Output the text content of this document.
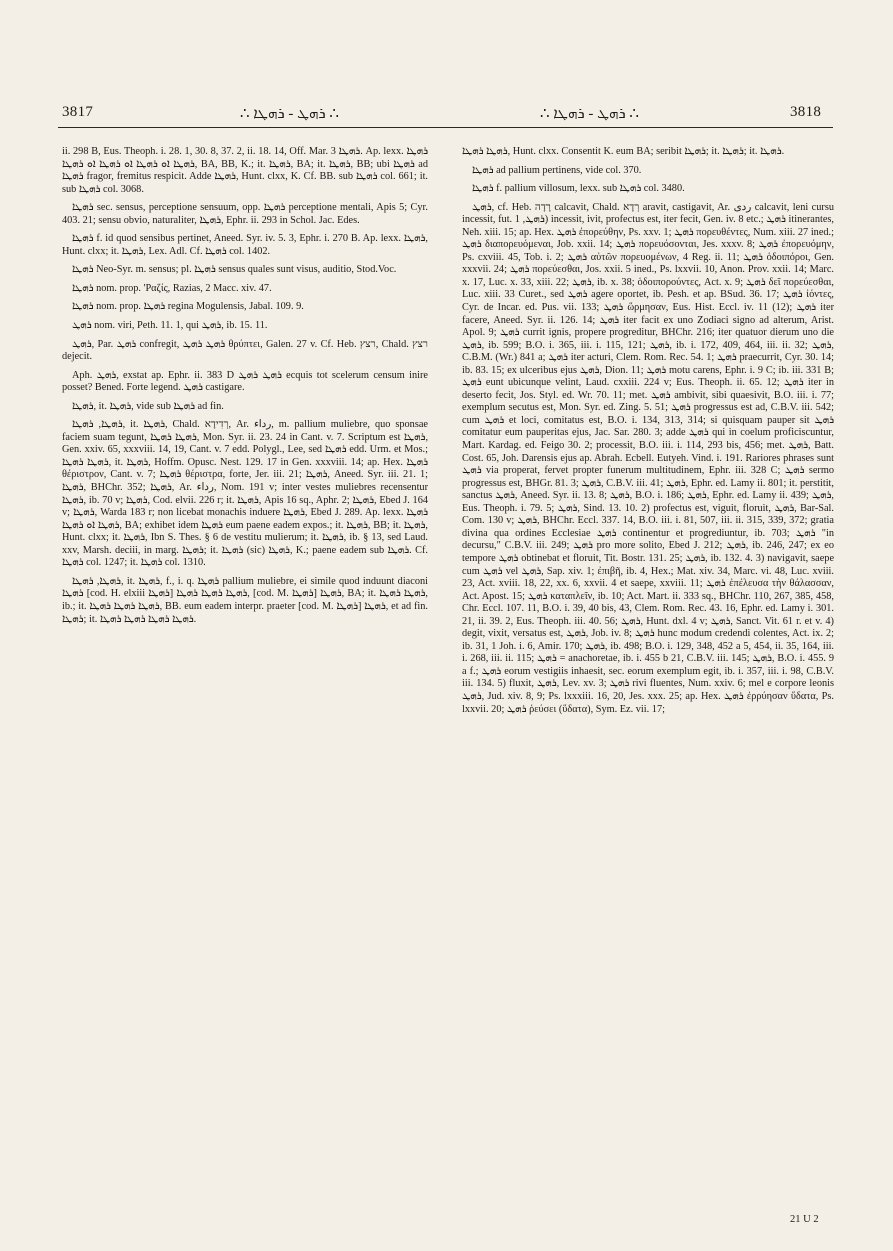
3817	∴ ܪܗܛ - ܪܗܛܐ ∴	∴ ܪܗܛ - ܪܗܛܐ ∴	3818

ii. 298 B, Eus. Theoph. i. 28. 1, 30. 8, 37. 2, ii. 18. 14, Off. Mar. ܪܗܛܐ 3. Ap. lexx. ܪܗܛܐ ܪܗܛܐ ܐܘ ܪܗܛܐ ܐܘ ܪܗܛܐ ܐܘ ܪܗܛܐ, BA, BB, K.; it. ܪܗܛܐ, BA; it. ܪܗܛܐ, BB; ubi ܪܗܛܐ ad ܪܗܛܐ fragor, fremitus respicit. Adde ܪܗܛܐ, Hunt. clxx, K. Cf. BB. sub ܪܗܛܐ col. 661; it. sub ܪܗܛܐ col. 3068.

ܪܗܛܐ sec. sensus, perceptione sensuum, opp. ܪܗܛܐ perceptione mentali, Apis 5; Cyr. 403. 21; sensu obvio, naturaliter, ܪܗܛܐ, Ephr. ii. 293 in Schol. Jac. Edes.

ܪܗܛܐ f. id quod sensibus pertinet, Aneed. Syr. iv. 5. 3, Ephr. i. 270 B. Ap. lexx. ܪܗܛܐ, Hunt. clxx; it. ܪܗܛܐ, Lex. Adl. Cf. ܪܗܛܐ col. 1402.

ܪܗܛܐ Neo-Syr. m. sensus; pl. ܪܗܛܐ sensus quales sunt visus, auditio, Stod.Voc.

ܪܗܛܐ nom. prop. 'Ραζίς, Razias, 2 Macc. xiv. 47.

ܪܗܛܐ nom. prop. ܪܗܛܐ regina Mogulensis, Jabal. 109. 9.

ܪܗܛ nom. viri, Peth. 11. 1, qui ܪܗܛ, ib. 15. 11.

ܪܗܛ, Par. ܪܗܛ confregit, ܪܗܛ ܪܗܛ θρύπτει, Galen. 27 v. Cf. Heb. רצץ, Chald. רצץ dejecit.

Aph. ܪܗܛ, exstat ap. Ephr. ii. 383 D ܪܗܛ ܪܗܛ ecquis tot scelerum censum inire posset? Bened. Forte legend. ܪܗܛ castigare.

ܪܗܛܐ, it. ܪܗܛܐ, vide sub ܪܗܛܐ ad fin.

ܪܗܛܐ, ܪܗܛܐ, it. ܪܗܛܐ, Chald. רְדִידָא, Ar. رداء, m. pallium muliebre, quo sponsae faciem suam tegunt, ܪܗܛܐ ܪܗܛܐ, Mon. Syr. ii. 23. 24 in Cant. v. 7. Scriptum est ܪܗܛܐ, Gen. xxiv. 65, xxxviii. 14, 19, Cant. v. 7 edd. Polygl., Lee, sed ܪܗܛܐ edd. Urm. et Mos.; ܪܗܛܐ ܪܗܛܐ, it. ܪܗܛܐ, Hoffm. Opusc. Nest. 129. 17 in Gen. xxxviii. 14; ap. Hex. ܪܗܛܐ θέριστρον, Cant. v. 7; ܪܗܛܐ θέριστρα, forte, Jer. iii. 21; ܪܗܛܐ, Aneed. Syr. iii. 21. 1; ܪܗܛܐ, BHChr. 352; ܪܗܛܐ, Ar. رداء, Nom. 191 v; inter vestes muliebres recensentur ܪܗܛܐ, ib. 70 v; ܪܗܛܐ, Cod. elvii. 226 r; it. ܪܗܛܐ, Apis 16 sq., Aphr. 2; ܪܗܛܐ, Ebed J. 164 v; ܪܗܛܐ, Warda 183 r; non licebat monachis induere ܪܗܛܐ, Ebed J. 289. Ap. lexx. ܪܗܛܐ ܪܗܛܐ ܐܘ ܪܗܛܐ, BA; exhibet idem ܪܗܛܐ eum paene eadem expos.; it. ܪܗܛܐ, BB; it. ܪܗܛܐ, Hunt. clxx; it. ܪܗܛܐ, Ibn S. Thes. § 6 de vestitu mulierum; it. ܪܗܛܐ, ib. § 13, sed Laud. xxv, Marsh. deciii, in marg. ܪܗܛܐ; it. ܪܗܛܐ (sic) ܪܗܛܐ, K.; paene eadem sub ܪܗܛܐ. Cf. ܪܗܛܐ col. 1247; it. ܪܗܛܐ col. 1310.

ܪܗܛܐ, ܪܗܛܐ, it. ܪܗܛܐ, f., i. q. ܪܗܛܐ pallium muliebre, ei simile quod induunt diaconi ܪܗܛܐ [cod. H. elxiii ܪܗܛܐ] ܪܗܛܐ ܪܗܛܐ ܪܗܛܐ, [cod. M. ܪܗܛܐ] ܪܗܛܐ, BA; it. ܪܗܛܐ ܪܗܛܐ, ib.; it. ܪܗܛܐ ܪܗܛܐ ܪܗܛܐ, BB. eum eadem interpr. praeter [cod. M. ܪܗܛܐ] ܪܗܛܐ, et ad fin. ܪܗܛܐ; it. ܪܗܛܐ ܪܗܛܐ ܪܗܛܐ ܪܗܛܐ.

ܪܗܛܐ ܪܗܛܐ, Hunt. clxx. Consentit K. eum BA; seribit ܪܗܛܐ; it. ܪܗܛܐ; it. ܪܗܛܐ.

ܪܗܛܐ ad pallium pertinens, vide col. 370.

ܪܗܛܐ f. pallium villosum, lexx. sub ܪܗܛܐ col. 3480.

ܪܗܛ, cf. Heb. רָדָה calcavit, Chald. רְדָא aravit, castigavit, Ar. ردى calcavit, leni cursu incessit, fut. ܪܗܛ, 1) incessit, ivit, profectus est, iter fecit, Gen. iv. 8 etc.; ܪܗܛ itinerantes, Neh. xiii. 15; ap. Hex. ܪܗܛ ἐπορεύθην, Ps. xxv. 1; ܪܗܛ πορευθέντες, Num. xiii. 27 ined.; ܪܗܛ διαπορευόμεναι, Job. xxii. 14; ܪܗܛ πορευόσονται, Jes. xxxv. 8; ܪܗܛ ἐπορευόμην, Ps. cxviii. 45, Tob. i. 2; ܪܗܛ αὐτῶν πορευομένων, 4 Reg. ii. 11; ܪܗܛ ὁδοιπόροι, Gen. xxxvii. 24; ܪܗܛ πορεύεσθαι, Jos. xxii. 5 ined., Ps. lxxvii. 10, Anon. Prov. xxii. 14; Marc. x. 17, Luc. x. 33, xiii. 22; ܪܗܛ, ib. x. 38; ὁδοιπορούντες, Act. x. 9; ܪܗܛ δεῖ πορεύεσθαι, Luc. xiii. 33 Curet., sed ܪܗܛ agere oportet, ib. Pesh. et ap. BSud. 36. 17; ܪܗܛ ἰόντες, Cyr. de Incar. ed. Pus. vii. 133; ܪܗܛ ὥρμησαν, Eus. Hist. Eccl. iv. 11 (12); ܪܗܛ iter facere, Aneed. Syr. ii. 126. 14; ܪܗܛ iter facit ex uno Zodiaci signo ad alterum, Arist. Apol. 9; ܪܗܛ currit ignis, propere progreditur, BHChr. 216; iter quatuor dierum uno die ܪܗܛ, ib. 599; B.O. i. 365, iii. i. 115, 121; ܪܗܛ, ib. i. 172, 409, 464, iii. ii. 32; ܪܗܛ, C.B.M. (Wr.) 841 a; ܪܗܛ iter acturi, Clem. Rom. Rec. 54. 1; ܪܗܛ praecurrit, Cyr. 30. 14; ib. 83. 15; ex ulceribus ejus ܪܗܛ, Dion. 11; ܪܗܛ motu carens, Ephr. i. 9 C; ib. iii. 331 B; ܪܗܛ eunt ubicunque velint, Laud. cxxiii. 224 v; Eus. Theoph. ii. 65. 12; ܪܗܛ iter in deserto fecit, Jos. Styl. ed. Wr. 70. 11; met. ܪܗܛ ambivit, sibi quaesivit, B.O. iii. i. 77; exemplum secutus est, Mon. Syr. ed. Zing. 5. 51; ܪܗܛ progressus est ad, C.B.V. iii. 542; cum ܪܗܛ et loci, comitatus est, B.O. i. 134, 313, 314; si quisquam pauper sit ܪܗܛ comitatur eum pauperitas ejus, Jac. Sar. 280. 3; adde ܪܗܛ qui in coelum proficiscuntur, Mart. Kardag. ed. Feigo 30. 2; processit, B.O. iii. i. 114, 293 bis, 456; met. ܪܗܛ, Batt. Cost. 65, Joh. Darensis ejus ap. Abrah. Ecbell. Eutyeh. Vind. i. 191. Rariores phrases sunt ܪܗܛ via properat, fervet propter funerum multitudinem, Ephr. iii. 328 C; ܪܗܛ sermo progressus est, BHGr. 81. 3; ܪܗܛ, C.B.V. iii. 41; ܪܗܛ, Ephr. ed. Lamy ii. 801; it. perstitit, sanctus ܪܗܛ, Aneed. Syr. ii. 13. 8; ܪܗܛ, B.O. i. 186; ܪܗܛ, Ephr. ed. Lamy ii. 439; ܪܗܛ, Eus. Theoph. i. 79. 5; ܪܗܛ, Sind. 13. 10. 2) profectus est, viguit, floruit, ܪܗܛ, Bar-Sal. Com. 130 v; ܪܗܛ, BHChr. Eccl. 337. 14, B.O. iii. i. 81, 507, iii. ii. 315, 339, 372; gratia divina qua ordines Ecclesiae ܪܗܛ continentur et progrediuntur, ib. 703; ܪܗܛ "in decursu," C.B.V. iii. 249; ܪܗܛ pro more solito, Ebed J. 212; ܪܗܛ, ib. 246, 247; ex eo tempore ܪܗܛ obtinebat et floruit, Tit. Bostr. 131. 25; ܪܗܛ, ib. 132. 4. 3) navigavit, saepe cum ܪܗܛ vel ܪܗܛ, Sap. xiv. 1; ἐπιβῆ, ib. 4, Hex.; Mat. xiv. 34, Marc. vi. 48, Luc. xviii. 23, Act. xviii. 18, 22, xx. 6, xxvii. 4 et saepe, xxviii. 11; ܪܗܛ ἐπέλευσα τὴν θάλασσαν, Act. Apost. 15; ܪܗܛ καταπλεῖν, ib. 10; Act. Mart. ii. 333 sq., BHChr. 110, 267, 385, 458, Chr. Eccl. 107. 11, B.O. i. 39, 40 bis, 43, Clem. Rom. Rec. 43. 16, Ephr. ed. Lamy i. 301. 21, ii. 39. 2, Eus. Theoph. iii. 40. 56; ܪܗܛ, Hunt. dxl. 4 v; ܪܗܛ, Sanct. Vit. 61 r. et v. 4) degit, vixit, versatus est, ܪܗܛ, Job. iv. 8; ܪܗܛ hunc modum credendi colentes, Act. ix. 2; ib. 31, 1 Joh. i. 6, Amir. 170; ܪܗܛ, ib. 498; B.O. i. 129, 348, 452 a 5, 454, ii. 35, 164, iii. i. 268, iii. ii. 115; ܪܗܛ = anachoretae, ib. i. 455 b 21, C.B.V. iii. 145; ܪܗܛ, B.O. i. 455. 9 a f.; ܪܗܛ eorum vestigiis inhaesit, sec. eorum exemplum egit, ib. i. 357, iii. i. 98, C.B.V. iii. 134. 5) fluxit, ܪܗܛ, Lev. xv. 3; ܪܗܛ rivi fluentes, Num. xxiv. 6; mel e corpore leonis ܪܗܛ, Jud. xiv. 8, 9; Ps. lxxxiii. 16, 20, Jes. xxx. 25; ap. Hex. ܪܗܛ ἐρρύησαν ὕδατα, Ps. lxxvii. 20; ܪܗܛ ῥεύσει (ὕδατα), Sym. Ez. vii. 17;

21 U 2
